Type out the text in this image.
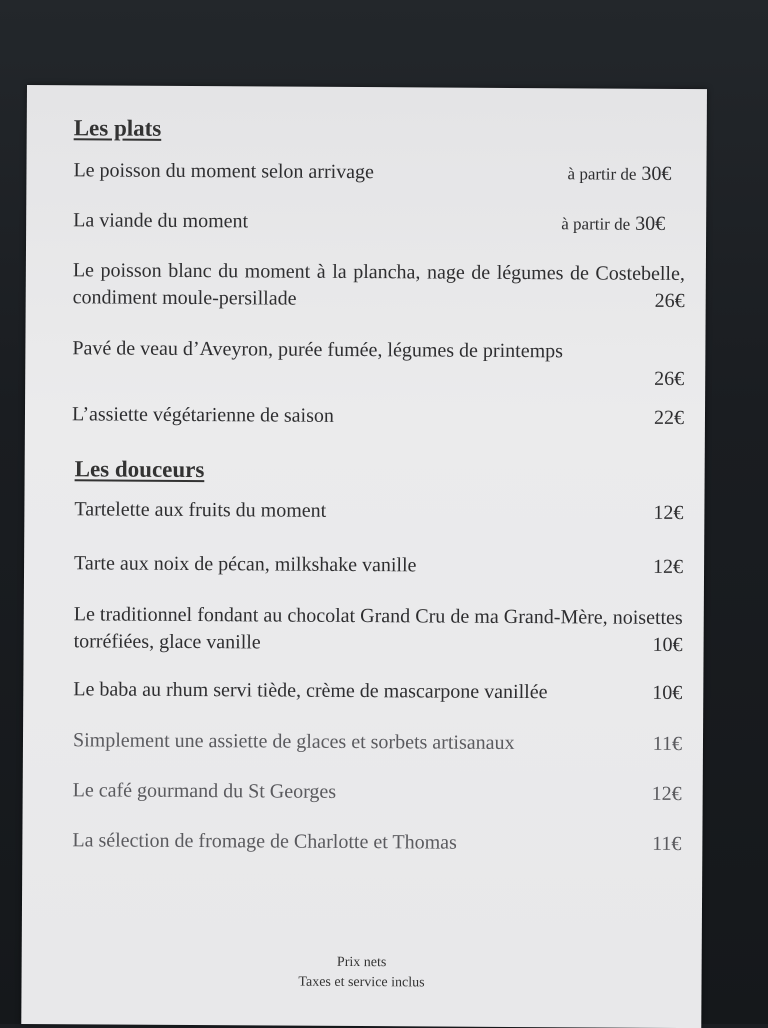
Les plats
Le poisson du moment selon arrivage	à partir de 30€
La viande du moment	à partir de 30€
Le poisson blanc du moment à la plancha, nage de légumes de Costebelle, condiment moule-persillade	26€
Pavé de veau d’Aveyron, purée fumée, légumes de printemps
26€
L’assiette végétarienne de saison	22€
Les douceurs
Tartelette aux fruits du moment	12€
Tarte aux noix de pécan, milkshake vanille	12€
Le traditionnel fondant au chocolat Grand Cru de ma Grand-Mère, noisettes torréfiées, glace vanille	10€
Le baba au rhum servi tiède, crème de mascarpone vanillée	10€
Simplement une assiette de glaces et sorbets artisanaux	11€
Le café gourmand du St Georges	12€
La sélection de fromage de Charlotte et Thomas	11€
Prix nets
Taxes et service inclus
